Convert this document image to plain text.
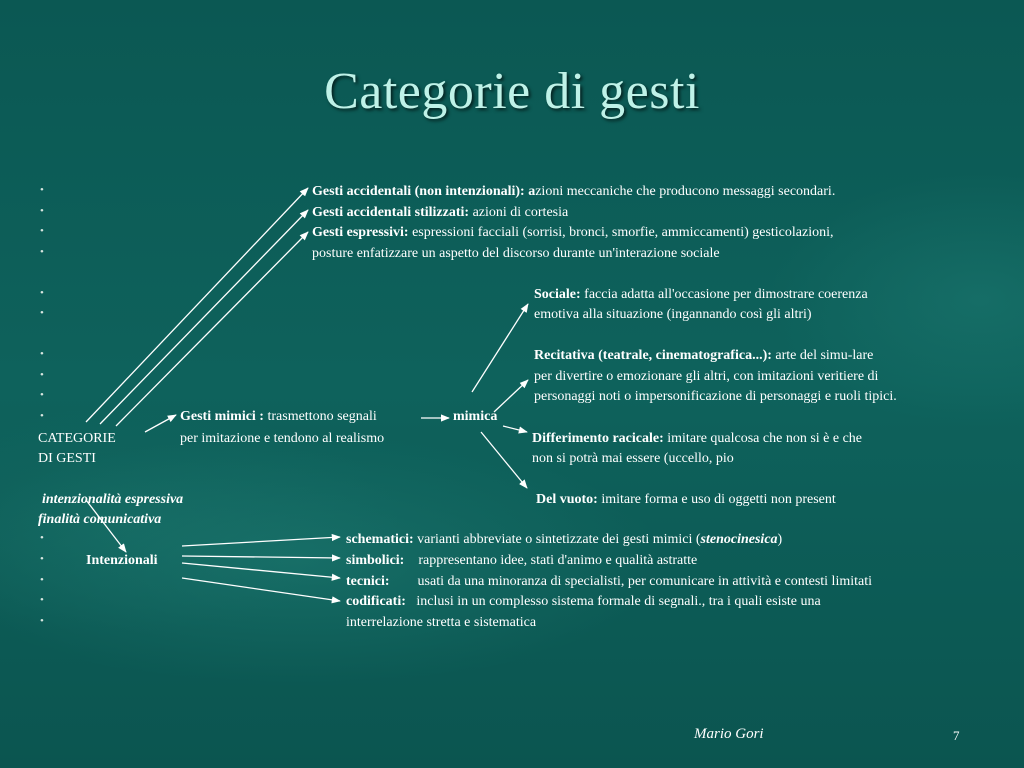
Categorie di gesti
•
•
•
•
•
•
•
•
•
•
•
•
•
•
•
Gesti accidentali (non intenzionali): azioni meccaniche che producono messaggi secondari.
Gesti accidentali stilizzati: azioni di cortesia
Gesti espressivi: espressioni facciali (sorrisi, bronci, smorfie, ammiccamenti) gesticolazioni,
posture enfatizzare un aspetto del discorso durante un'interazione sociale
Sociale: faccia adatta all'occasione per dimostrare coerenza
emotiva alla situazione (ingannando così gli altri)
Recitativa (teatrale, cinematografica...): arte del simu-lare
per divertire o emozionare gli altri, con imitazioni veritiere di
personaggi noti o impersonificazione di personaggi e ruoli tipici.
Gesti mimici : trasmettono segnali	mimica
per imitazione e tendono al realismo
CATEGORIE
DI GESTI
Differimento racicale: imitare qualcosa che non si è e che
non si potrà mai essere (uccello, pio
intenzionalità espressiva
finalità comunicativa
Del vuoto: imitare forma e uso di oggetti non present
Intenzionali
schematici: varianti abbreviate o sintetizzate dei gesti mimici (stenocinesica)
simbolici:    rappresentano idee, stati d'animo e qualità astratte
tecnici:        usati da una minoranza di specialisti, per comunicare in attività e contesti limitati
codificati:   inclusi in un complesso sistema formale di segnali., tra i quali esiste una
interrelazione stretta e sistematica
Mario Gori	7
